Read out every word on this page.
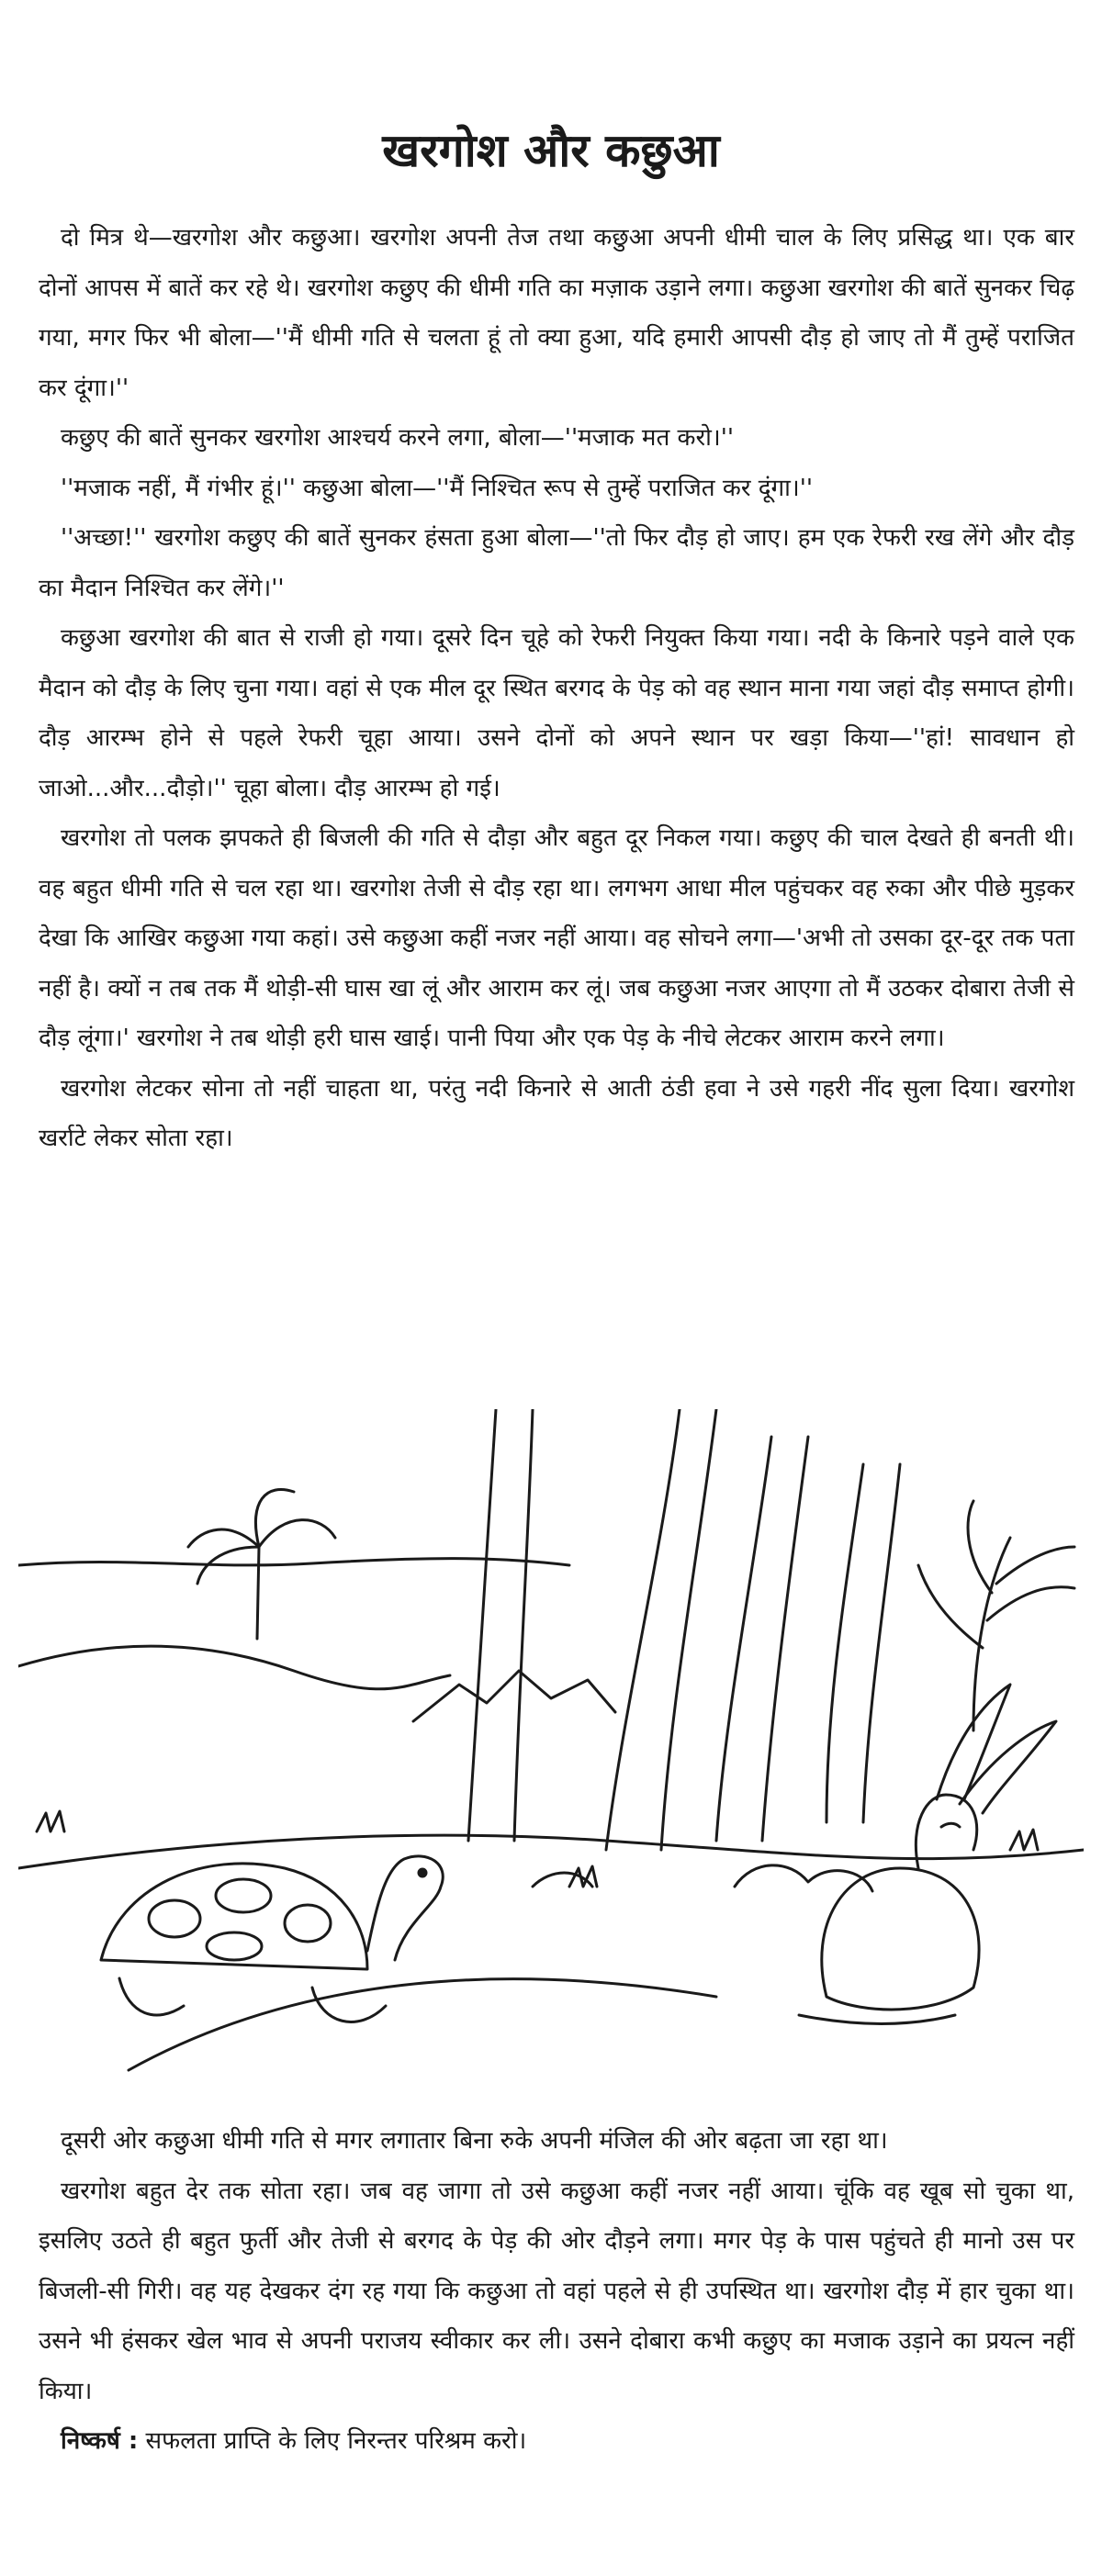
खरगोश और कछुआ

दो मित्र थे—खरगोश और कछुआ। खरगोश अपनी तेज तथा कछुआ अपनी धीमी चाल के लिए प्रसिद्ध था। एक बार दोनों आपस में बातें कर रहे थे। खरगोश कछुए की धीमी गति का मज़ाक उड़ाने लगा। कछुआ खरगोश की बातें सुनकर चिढ़ गया, मगर फिर भी बोला—''मैं धीमी गति से चलता हूं तो क्या हुआ, यदि हमारी आपसी दौड़ हो जाए तो मैं तुम्हें पराजित कर दूंगा।''

कछुए की बातें सुनकर खरगोश आश्चर्य करने लगा, बोला—''मजाक मत करो।''

''मजाक नहीं, मैं गंभीर हूं।'' कछुआ बोला—''मैं निश्चित रूप से तुम्हें पराजित कर दूंगा।''

''अच्छा!'' खरगोश कछुए की बातें सुनकर हंसता हुआ बोला—''तो फिर दौड़ हो जाए। हम एक रेफरी रख लेंगे और दौड़ का मैदान निश्चित कर लेंगे।''

कछुआ खरगोश की बात से राजी हो गया। दूसरे दिन चूहे को रेफरी नियुक्त किया गया। नदी के किनारे पड़ने वाले एक मैदान को दौड़ के लिए चुना गया। वहां से एक मील दूर स्थित बरगद के पेड़ को वह स्थान माना गया जहां दौड़ समाप्त होगी। दौड़ आरम्भ होने से पहले रेफरी चूहा आया। उसने दोनों को अपने स्थान पर खड़ा किया—''हां! सावधान हो जाओ...और...दौड़ो।'' चूहा बोला। दौड़ आरम्भ हो गई।

खरगोश तो पलक झपकते ही बिजली की गति से दौड़ा और बहुत दूर निकल गया। कछुए की चाल देखते ही बनती थी। वह बहुत धीमी गति से चल रहा था। खरगोश तेजी से दौड़ रहा था। लगभग आधा मील पहुंचकर वह रुका और पीछे मुड़कर देखा कि आखिर कछुआ गया कहां। उसे कछुआ कहीं नजर नहीं आया। वह सोचने लगा—'अभी तो उसका दूर-दूर तक पता नहीं है। क्यों न तब तक मैं थोड़ी-सी घास खा लूं और आराम कर लूं। जब कछुआ नजर आएगा तो मैं उठकर दोबारा तेजी से दौड़ लूंगा।' खरगोश ने तब थोड़ी हरी घास खाई। पानी पिया और एक पेड़ के नीचे लेटकर आराम करने लगा।

खरगोश लेटकर सोना तो नहीं चाहता था, परंतु नदी किनारे से आती ठंडी हवा ने उसे गहरी नींद सुला दिया। खरगोश खर्राटे लेकर सोता रहा।

दूसरी ओर कछुआ धीमी गति से मगर लगातार बिना रुके अपनी मंजिल की ओर बढ़ता जा रहा था।

खरगोश बहुत देर तक सोता रहा। जब वह जागा तो उसे कछुआ कहीं नजर नहीं आया। चूंकि वह खूब सो चुका था, इसलिए उठते ही बहुत फुर्ती और तेजी से बरगद के पेड़ की ओर दौड़ने लगा। मगर पेड़ के पास पहुंचते ही मानो उस पर बिजली-सी गिरी। वह यह देखकर दंग रह गया कि कछुआ तो वहां पहले से ही उपस्थित था। खरगोश दौड़ में हार चुका था। उसने भी हंसकर खेल भाव से अपनी पराजय स्वीकार कर ली। उसने दोबारा कभी कछुए का मजाक उड़ाने का प्रयत्न नहीं किया।

निष्कर्ष : सफलता प्राप्ति के लिए निरन्तर परिश्रम करो।
